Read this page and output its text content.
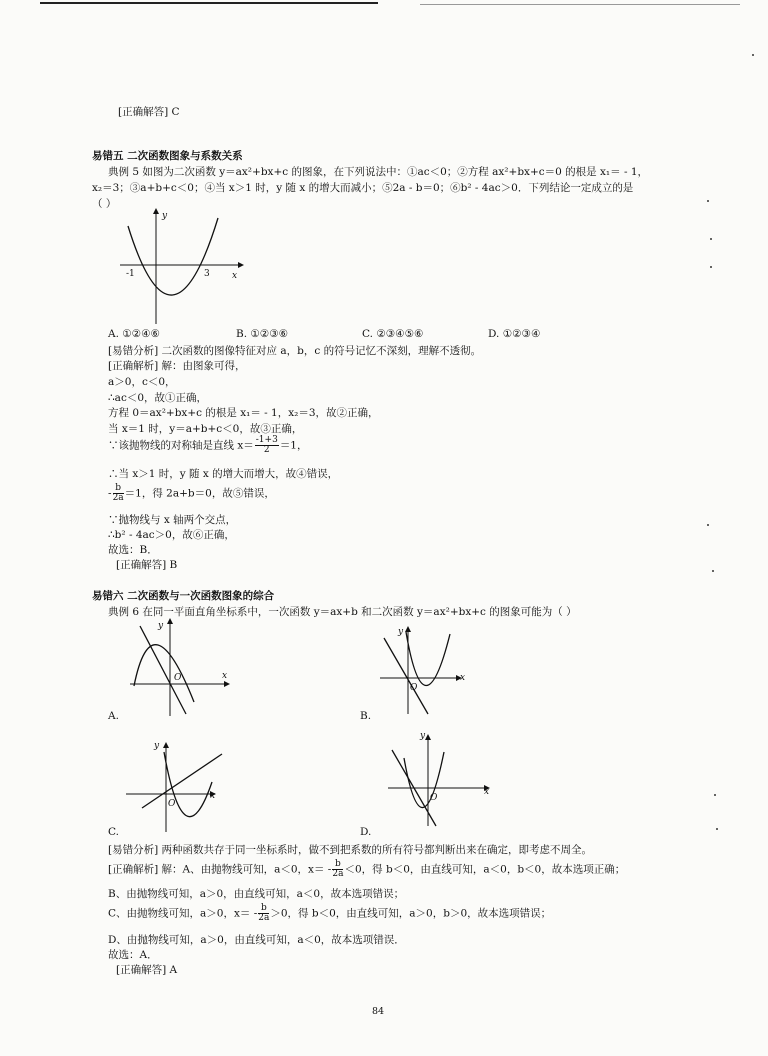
[正确解答] C
易错五 二次函数图象与系数关系
典例 5 如图为二次函数 y＝ax²+bx+c 的图象，在下列说法中：①ac＜0；②方程 ax²+bx+c＝0 的根是 x₁＝ - 1，
x₂＝3；③a+b+c＜0；④当 x＞1 时，y 随 x 的增大而减小；⑤2a - b＝0；⑥b² - 4ac＞0．下列结论一定成立的是
（ ）
y
x
-1	3
A. ①②④⑥	B. ①②③⑥	C. ②③④⑤⑥	D. ①②③④
[易错分析] 二次函数的图像特征对应 a，b，c 的符号记忆不深刻，理解不透彻。
[正确解析] 解：由图象可得，
a＞0，c＜0，
∴ac＜0，故①正确，
方程 0＝ax²+bx+c 的根是 x₁＝ - 1，x₂＝3，故②正确，
当 x＝1 时，y＝a+b+c＜0，故③正确，
∵该抛物线的对称轴是直线 $x= \frac{-1+3}{2} =1$，
∴当 x＞1 时，y 随 x 的增大而增大，故④错误，
- $\frac{b}{2a} =1$，得 2a+b＝0，故⑤错误，
∵抛物线与 x 轴两个交点，
∴b² - 4ac＞0，故⑥正确，
故选：B．
[正确解答] B
易错六 二次函数与一次函数图象的综合
典例 6 在同一平面直角坐标系中，一次函数 y＝ax+b 和二次函数 y＝ax²+bx+c 的图象可能为（ ）
y
x
O
A.
y
x
O
B.
y
x
O
C.
y
x
O
D.
[易错分析] 两种函数共存于同一坐标系时，做不到把系数的所有符号都判断出来在确定，即考虑不周全。
[正确解析] 解：A、由抛物线可知，a＜0，$x= - \frac{b}{2a} <0$，得 b＜0，由直线可知，a＜0，b＜0，故本选项正确；
B、由抛物线可知，a＞0，由直线可知，a＜0，故本选项错误；
C、由抛物线可知，a＞0，$x= - \frac{b}{2a} >0$，得 b＜0，由直线可知，a＞0，b＞0，故本选项错误；
D、由抛物线可知，a＞0，由直线可知，a＜0，故本选项错误．
故选：A．
[正确解答] A
84
